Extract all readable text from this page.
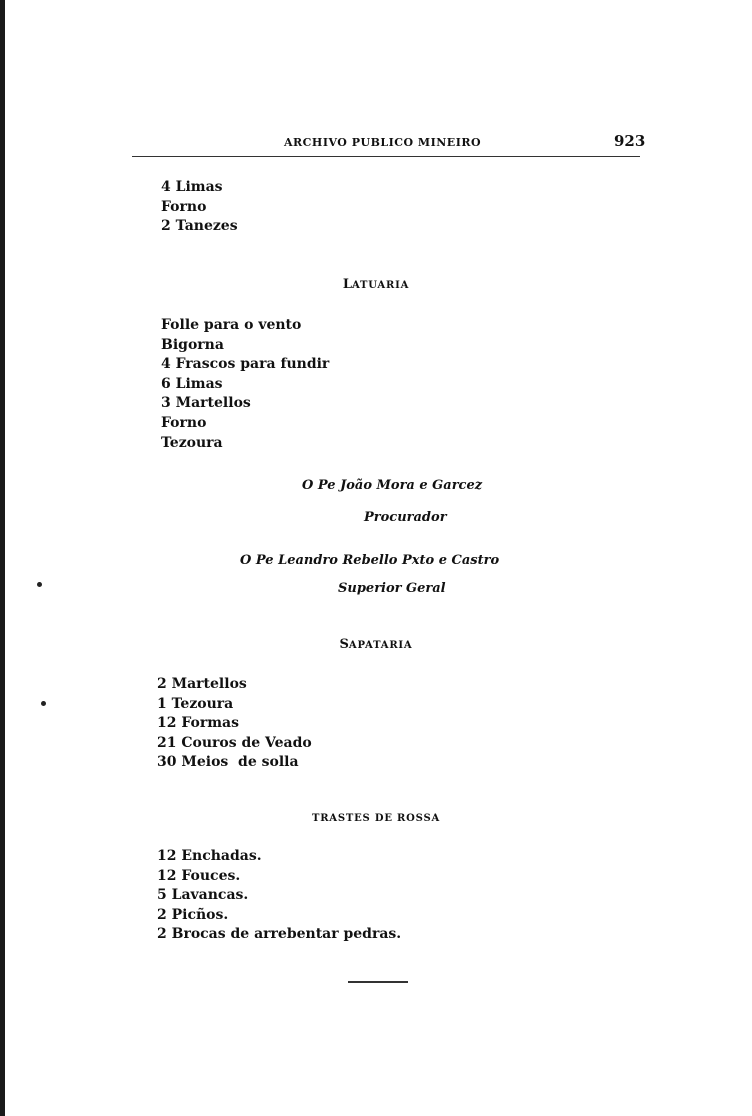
ARCHIVO PUBLICO MINEIRO	923
4 Limas
Forno
2 Tanezes
LATUARIA
Folle para o vento
Bigorna
4 Frascos para fundir
6 Limas
3 Martellos
Forno
Tezoura
O Pe João Mora e Garcez
Procurador
O Pe Leandro Rebello Pxto e Castro
Superior Geral
SAPATARIA
2 Martellos
1 Tezoura
12 Formas
21 Couros de Veado
30 Meios  de solla
TRASTES DE ROSSA
12 Enchadas.
12 Fouces.
5 Lavancas.
2 Picños.
2 Brocas de arrebentar pedras.
